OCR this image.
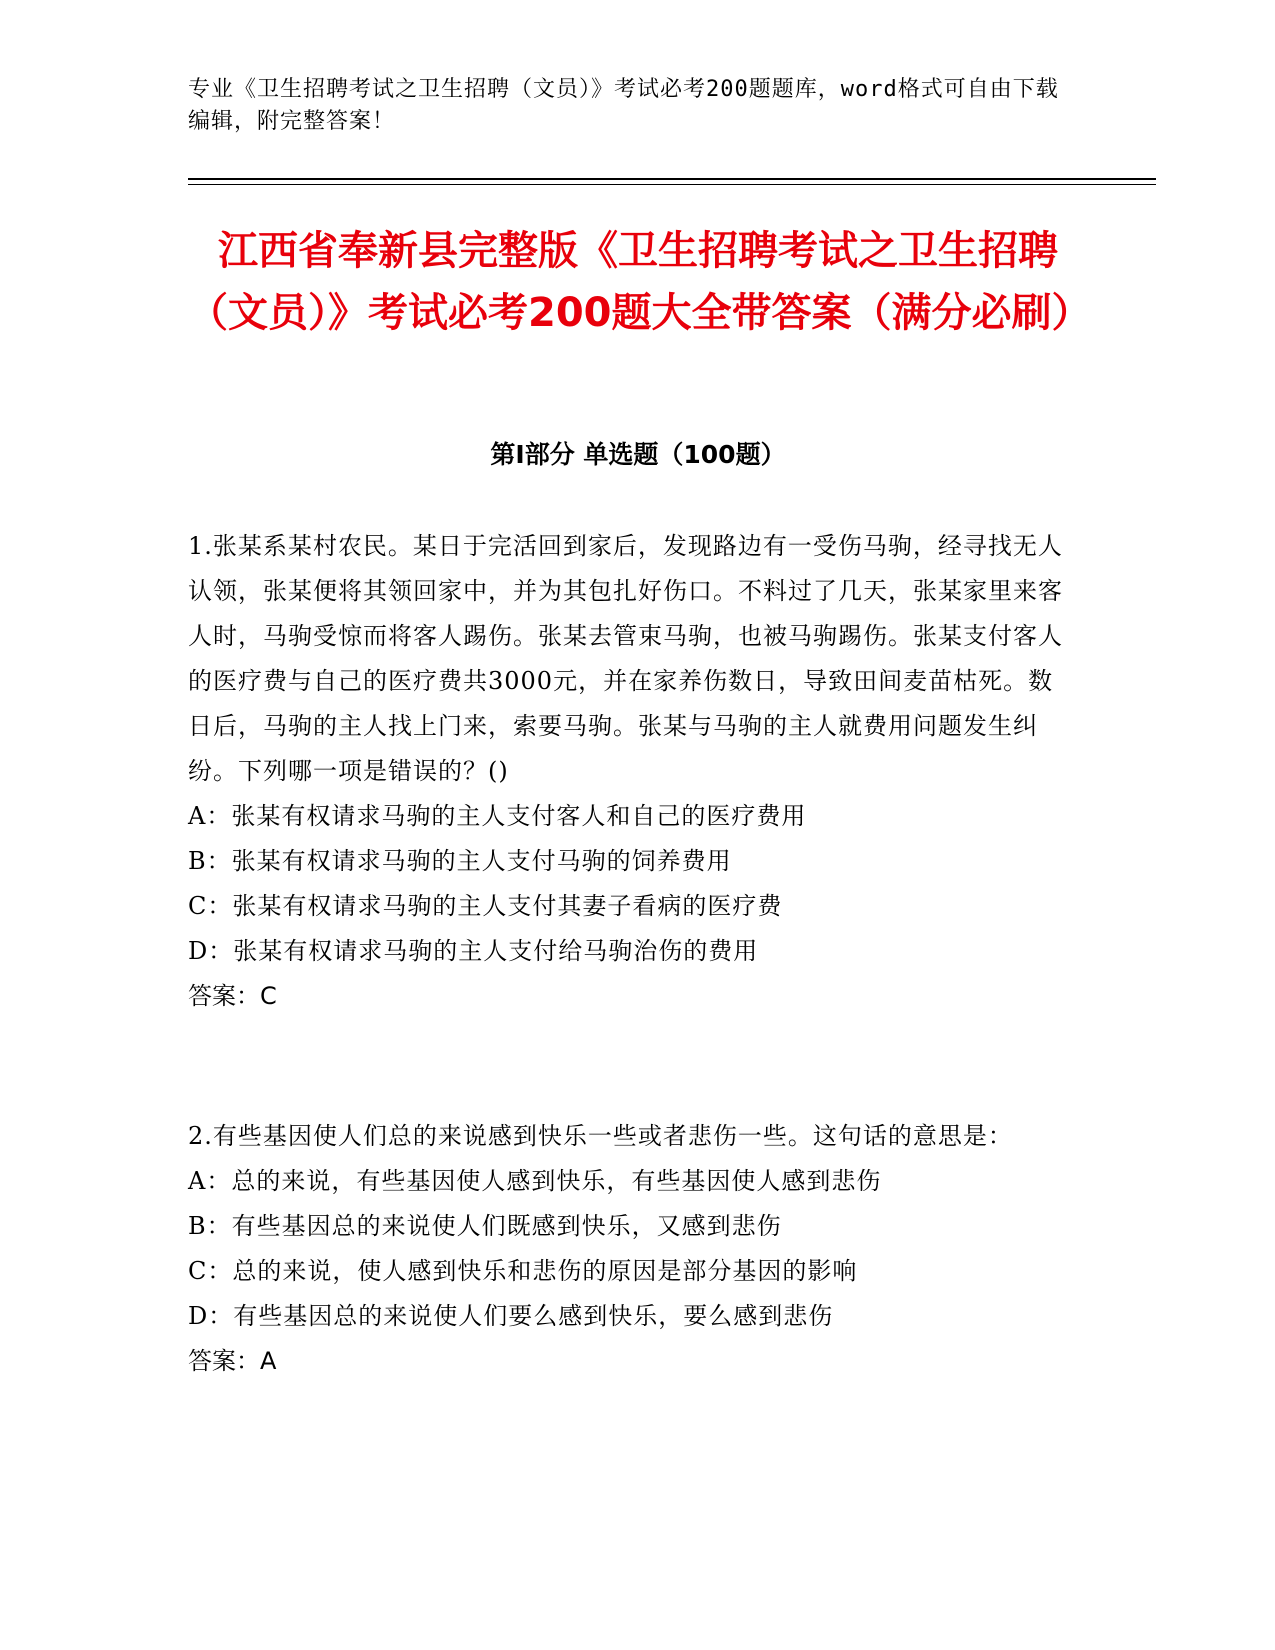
专业《卫生招聘考试之卫生招聘（文员）》考试必考200题题库，word格式可自由下载编辑，附完整答案！
江西省奉新县完整版《卫生招聘考试之卫生招聘（文员）》考试必考200题大全带答案（满分必刷）
第Ⅰ部分 单选题（100题）
1.张某系某村农民。某日于完活回到家后，发现路边有一受伤马驹，经寻找无人认领，张某便将其领回家中，并为其包扎好伤口。不料过了几天，张某家里来客人时，马驹受惊而将客人踢伤。张某去管束马驹，也被马驹踢伤。张某支付客人的医疗费与自己的医疗费共3000元，并在家养伤数日，导致田间麦苗枯死。数日后，马驹的主人找上门来，索要马驹。张某与马驹的主人就费用问题发生纠纷。下列哪一项是错误的？()
A：张某有权请求马驹的主人支付客人和自己的医疗费用
B：张某有权请求马驹的主人支付马驹的饲养费用
C：张某有权请求马驹的主人支付其妻子看病的医疗费
D：张某有权请求马驹的主人支付给马驹治伤的费用
答案：C
2.有些基因使人们总的来说感到快乐一些或者悲伤一些。这句话的意思是：
A：总的来说，有些基因使人感到快乐，有些基因使人感到悲伤
B：有些基因总的来说使人们既感到快乐，又感到悲伤
C：总的来说，使人感到快乐和悲伤的原因是部分基因的影响
D：有些基因总的来说使人们要么感到快乐，要么感到悲伤
答案：A
